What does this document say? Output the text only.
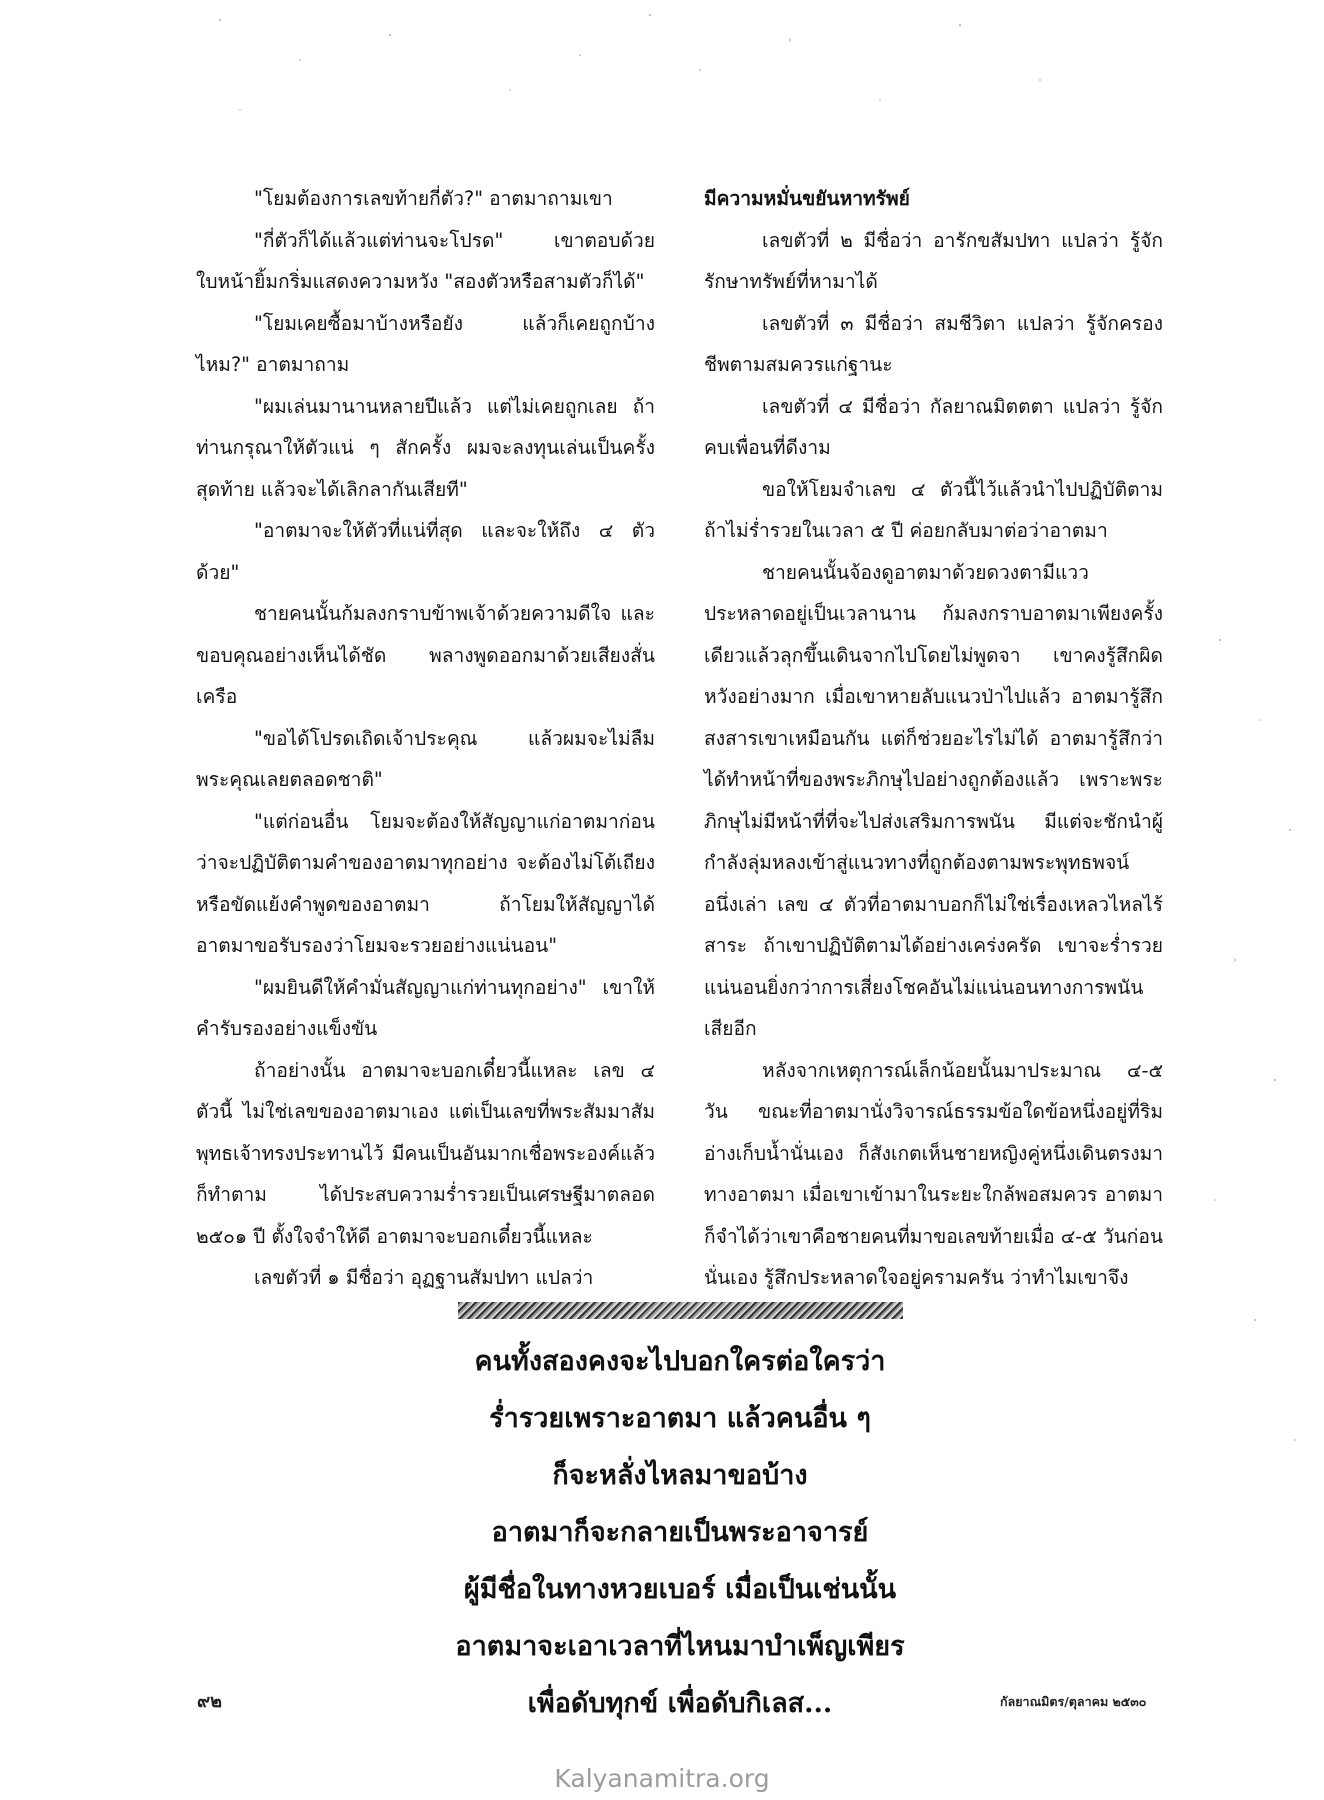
"โยมต้องการเลขท้ายกี่ตัว?" อาตมาถามเขา

"กี่ตัวก็ได้แล้วแต่ท่านจะโปรด" เขาตอบด้วยใบหน้ายิ้มกริ่มแสดงความหวัง "สองตัวหรือสามตัวก็ได้"

"โยมเคยซื้อมาบ้างหรือยัง แล้วก็เคยถูกบ้างไหม?" อาตมาถาม

"ผมเล่นมานานหลายปีแล้ว แต่ไม่เคยถูกเลย ถ้าท่านกรุณาให้ตัวแน่ ๆ สักครั้ง ผมจะลงทุนเล่นเป็นครั้งสุดท้าย แล้วจะได้เลิกลากันเสียที"

"อาตมาจะให้ตัวที่แน่ที่สุด และจะให้ถึง ๔ ตัวด้วย"

ชายคนนั้นก้มลงกราบข้าพเจ้าด้วยความดีใจ และขอบคุณอย่างเห็นได้ชัด พลางพูดออกมาด้วยเสียงสั่นเครือ

"ขอได้โปรดเถิดเจ้าประคุณ แล้วผมจะไม่ลืมพระคุณเลยตลอดชาติ"

"แต่ก่อนอื่น โยมจะต้องให้สัญญาแก่อาตมาก่อนว่าจะปฏิบัติตามคำของอาตมาทุกอย่าง จะต้องไม่โต้เถียง หรือขัดแย้งคำพูดของอาตมา ถ้าโยมให้สัญญาได้ อาตมาขอรับรองว่าโยมจะรวยอย่างแน่นอน"

"ผมยินดีให้คำมั่นสัญญาแก่ท่านทุกอย่าง" เขาให้คำรับรองอย่างแข็งขัน

ถ้าอย่างนั้น อาตมาจะบอกเดี๋ยวนี้แหละ เลข ๔ ตัวนี้ ไม่ใช่เลขของอาตมาเอง แต่เป็นเลขที่พระสัมมาสัมพุทธเจ้าทรงประทานไว้ มีคนเป็นอันมากเชื่อพระองค์แล้วก็ทำตาม ได้ประสบความร่ำรวยเป็นเศรษฐีมาตลอด ๒๕๐๑ ปี ตั้งใจจำให้ดี อาตมาจะบอกเดี๋ยวนี้แหละ

เลขตัวที่ ๑ มีชื่อว่า อุฏฐานสัมปทา แปลว่า

มีความหมั่นขยันหาทรัพย์

เลขตัวที่ ๒ มีชื่อว่า อารักขสัมปทา แปลว่า รู้จักรักษาทรัพย์ที่หามาได้

เลขตัวที่ ๓ มีชื่อว่า สมชีวิตา แปลว่า รู้จักครองชีพตามสมควรแก่ฐานะ

เลขตัวที่ ๔ มีชื่อว่า กัลยาณมิตตตา แปลว่า รู้จักคบเพื่อนที่ดีงาม

ขอให้โยมจำเลข ๔ ตัวนี้ไว้แล้วนำไปปฏิบัติตาม ถ้าไม่ร่ำรวยในเวลา ๕ ปี ค่อยกลับมาต่อว่าอาตมา

ชายคนนั้นจ้องดูอาตมาด้วยดวงตามีแววประหลาดอยู่เป็นเวลานาน ก้มลงกราบอาตมาเพียงครั้งเดียวแล้วลุกขึ้นเดินจากไปโดยไม่พูดจา เขาคงรู้สึกผิดหวังอย่างมาก เมื่อเขาหายลับแนวป่าไปแล้ว อาตมารู้สึกสงสารเขาเหมือนกัน แต่ก็ช่วยอะไรไม่ได้ อาตมารู้สึกว่า ได้ทำหน้าที่ของพระภิกษุไปอย่างถูกต้องแล้ว เพราะพระภิกษุไม่มีหน้าที่ที่จะไปส่งเสริมการพนัน มีแต่จะชักนำผู้กำลังลุ่มหลงเข้าสู่แนวทางที่ถูกต้องตามพระพุทธพจน์ อนึ่งเล่า เลข ๔ ตัวที่อาตมาบอกก็ไม่ใช่เรื่องเหลวไหลไร้สาระ ถ้าเขาปฏิบัติตามได้อย่างเคร่งครัด เขาจะร่ำรวยแน่นอนยิ่งกว่าการเสี่ยงโชคอันไม่แน่นอนทางการพนันเสียอีก

หลังจากเหตุการณ์เล็กน้อยนั้นมาประมาณ ๔-๕ วัน ขณะที่อาตมานั่งวิจารณ์ธรรมข้อใดข้อหนึ่งอยู่ที่ริมอ่างเก็บน้ำนั่นเอง ก็สังเกตเห็นชายหญิงคู่หนึ่งเดินตรงมาทางอาตมา เมื่อเขาเข้ามาในระยะใกล้พอสมควร อาตมาก็จำได้ว่าเขาคือชายคนที่มาขอเลขท้ายเมื่อ ๔-๕ วันก่อนนั่นเอง รู้สึกประหลาดใจอยู่ครามครัน ว่าทำไมเขาจึง

คนทั้งสองคงจะไปบอกใครต่อใครว่า
ร่ำรวยเพราะอาตมา แล้วคนอื่น ๆ
ก็จะหลั่งไหลมาขอบ้าง
อาตมาก็จะกลายเป็นพระอาจารย์
ผู้มีชื่อในทางหวยเบอร์ เมื่อเป็นเช่นนั้น
อาตมาจะเอาเวลาที่ไหนมาบำเพ็ญเพียร
เพื่อดับทุกข์ เพื่อดับกิเลส...
๙๒	กัลยาณมิตร/ตุลาคม ๒๕๓๐
Kalyanamitra.org
